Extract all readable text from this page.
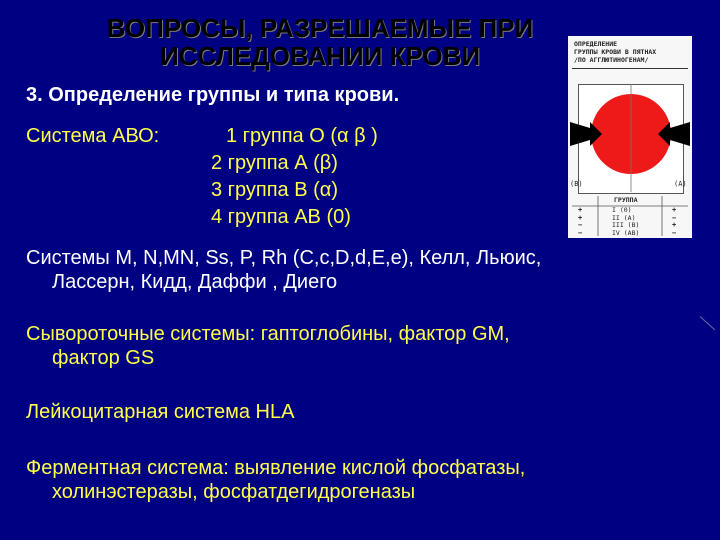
ВОПРОСЫ, РАЗРЕШАЕМЫЕ ПРИ
ИССЛЕДОВАНИИ КРОВИ
3. Определение группы и типа крови.
Система АВО:	1 группа О (α β )
2 группа А (β)
3 группа В (α)
4 группа АВ (0)
Системы M, N,MN, Ss, P, Rh (C,c,D,d,E,e), Келл, Льюис,
Лассерн, Кидд, Даффи , Диего
Сывороточные системы: гаптоглобины, фактор GM,
фактор GS
Лейкоцитарная система HLA
Ферментная система: выявление кислой фосфатазы,
холинэстеразы, фосфатдегидрогеназы
ОПРЕДЕЛЕНИЕ
ГРУППЫ КРОВИ В ПЯТНАХ
/ПО АГГЛЮТИНОГЕНАМ/
(В)	(А)
ГРУППА
+
+
−
−
I (0)
II (A)
III (B)
IV (AB)
+
−
+
−
